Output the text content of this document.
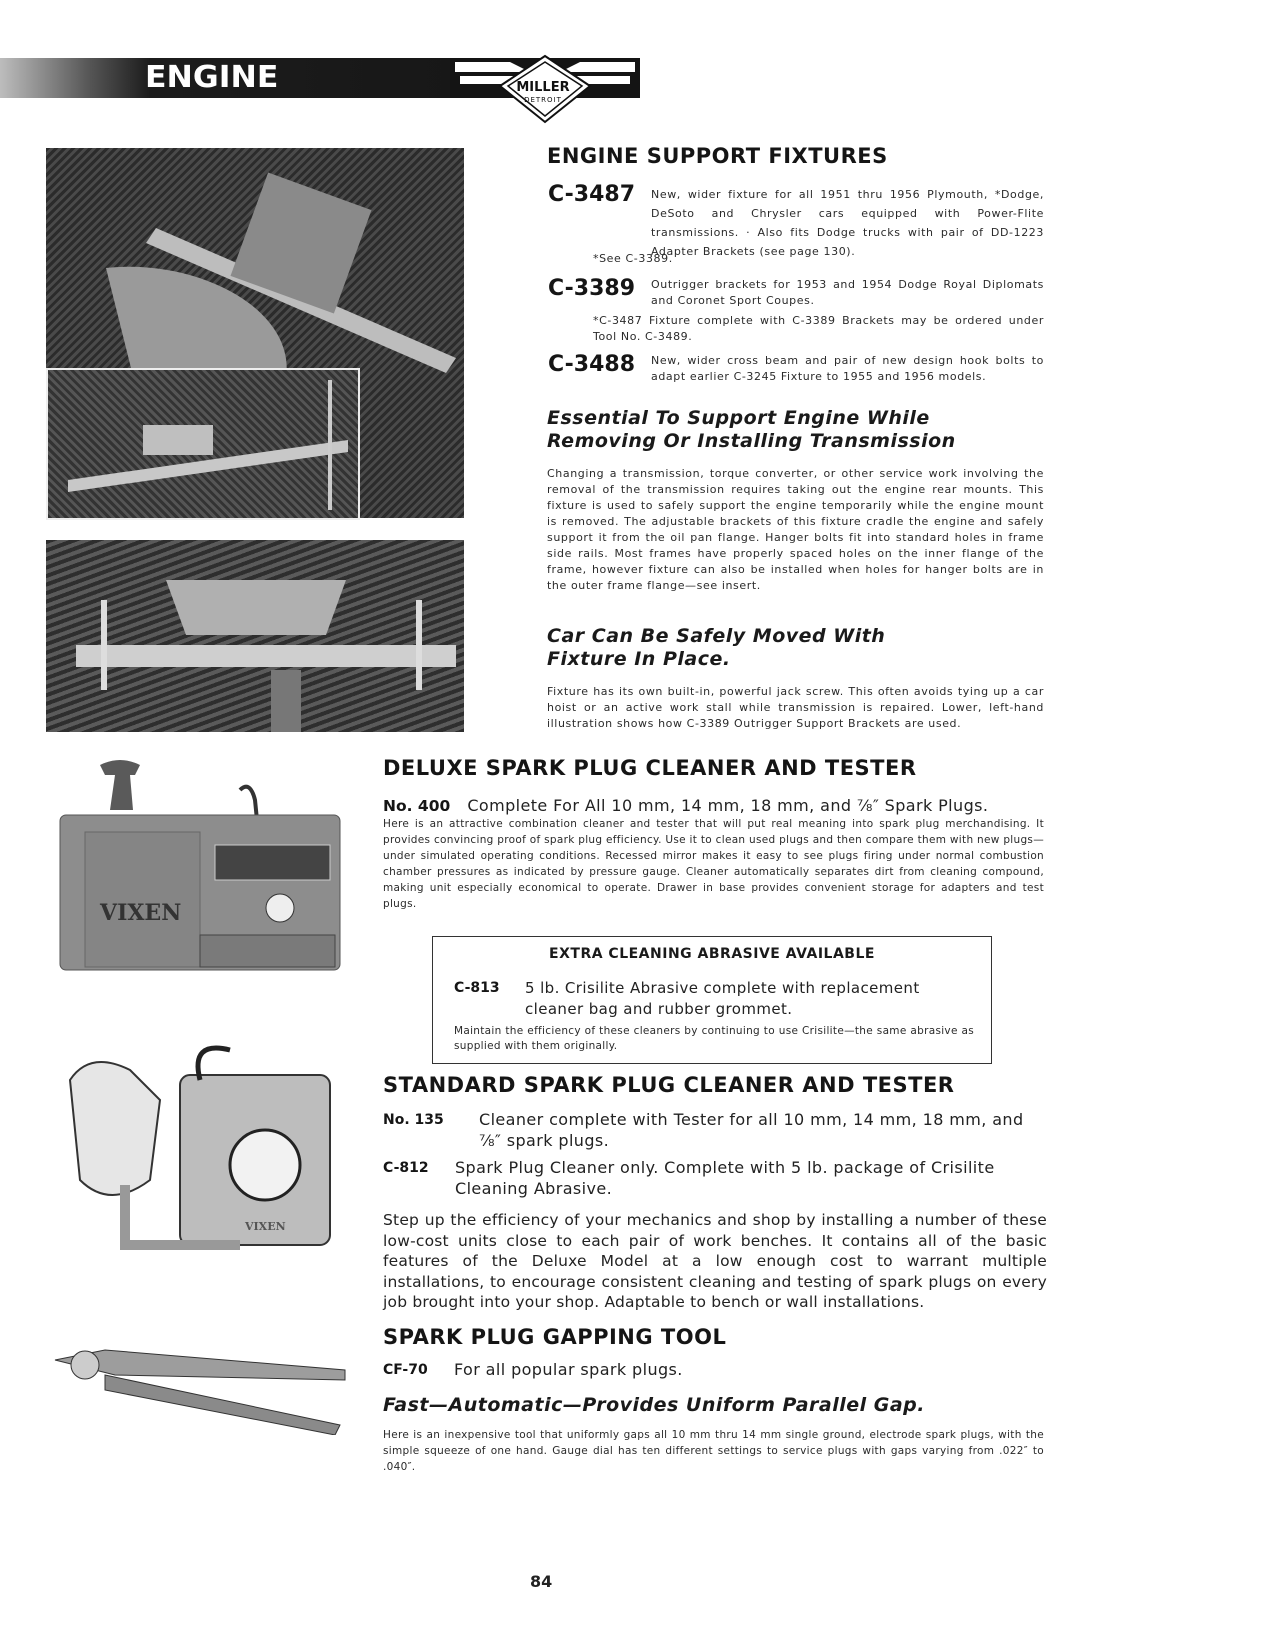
ENGINE	MILLER
DETROIT
VIXEN
VIXEN
ENGINE SUPPORT FIXTURES
C-3487 New, wider fixture for all 1951 thru 1956 Plymouth, *Dodge, DeSoto and Chrysler cars equipped with Power-Flite transmissions. · Also fits Dodge trucks with pair of DD-1223 Adapter Brackets (see page 130).
*See C-3389.
C-3389 Outrigger brackets for 1953 and 1954 Dodge Royal Diplomats and Coronet Sport Coupes.
*C-3487 Fixture complete with C-3389 Brackets may be ordered under Tool No. C-3489.
C-3488 New, wider cross beam and pair of new design hook bolts to adapt earlier C-3245 Fixture to 1955 and 1956 models.
Essential To Support Engine While Removing Or Installing Transmission
Changing a transmission, torque converter, or other service work involving the removal of the transmission requires taking out the engine rear mounts. This fixture is used to safely support the engine temporarily while the engine mount is removed. The adjustable brackets of this fixture cradle the engine and safely support it from the oil pan flange. Hanger bolts fit into standard holes in frame side rails. Most frames have properly spaced holes on the inner flange of the frame, however fixture can also be installed when holes for hanger bolts are in the outer frame flange—see insert.
Car Can Be Safely Moved With Fixture In Place.
Fixture has its own built-in, powerful jack screw. This often avoids tying up a car hoist or an active work stall while transmission is repaired. Lower, left-hand illustration shows how C-3389 Outrigger Support Brackets are used.
DELUXE SPARK PLUG CLEANER AND TESTER
No. 400 Complete For All 10 mm, 14 mm, 18 mm, and ⅞″ Spark Plugs.
Here is an attractive combination cleaner and tester that will put real meaning into spark plug merchandising. It provides convincing proof of spark plug efficiency. Use it to clean used plugs and then compare them with new plugs—under simulated operating conditions. Recessed mirror makes it easy to see plugs firing under normal combustion chamber pressures as indicated by pressure gauge. Cleaner automatically separates dirt from cleaning compound, making unit especially economical to operate. Drawer in base provides convenient storage for adapters and test plugs.
EXTRA CLEANING ABRASIVE AVAILABLE
C-813 5 lb. Crisilite Abrasive complete with replacement cleaner bag and rubber grommet.
Maintain the efficiency of these cleaners by continuing to use Crisilite—the same abrasive as supplied with them originally.
STANDARD SPARK PLUG CLEANER AND TESTER
No. 135 Cleaner complete with Tester for all 10 mm, 14 mm, 18 mm, and ⅞″ spark plugs.
C-812 Spark Plug Cleaner only. Complete with 5 lb. package of Crisilite Cleaning Abrasive.
Step up the efficiency of your mechanics and shop by installing a number of these low-cost units close to each pair of work benches. It contains all of the basic features of the Deluxe Model at a low enough cost to warrant multiple installations, to encourage consistent cleaning and testing of spark plugs on every job brought into your shop. Adaptable to bench or wall installations.
SPARK PLUG GAPPING TOOL
CF-70 For all popular spark plugs.
Fast—Automatic—Provides Uniform Parallel Gap.
Here is an inexpensive tool that uniformly gaps all 10 mm thru 14 mm single ground, electrode spark plugs, with the simple squeeze of one hand. Gauge dial has ten different settings to service plugs with gaps varying from .022″ to .040″.
84
